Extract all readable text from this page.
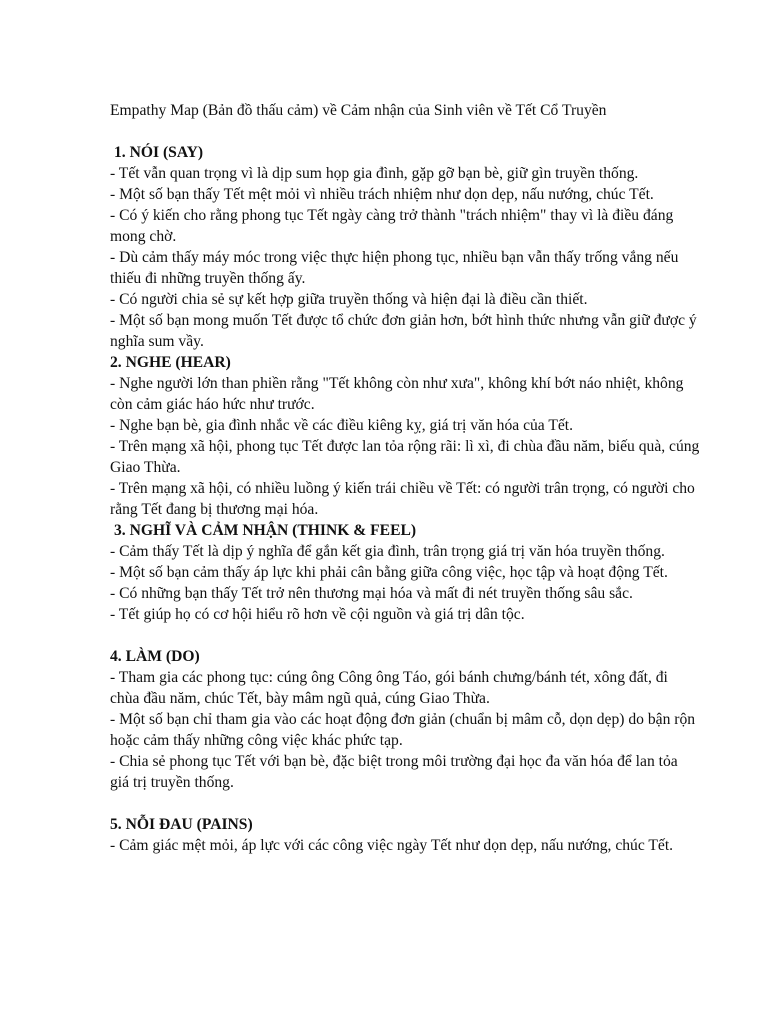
Empathy Map (Bản đồ thấu cảm) về Cảm nhận của Sinh viên về Tết Cổ Truyền

1. NÓI (SAY)

- Tết vẫn quan trọng vì là dịp sum họp gia đình, gặp gỡ bạn bè, giữ gìn truyền thống.

- Một số bạn thấy Tết mệt mỏi vì nhiều trách nhiệm như dọn dẹp, nấu nướng, chúc Tết.

- Có ý kiến cho rằng phong tục Tết ngày càng trở thành "trách nhiệm" thay vì là điều đáng mong chờ.

- Dù cảm thấy máy móc trong việc thực hiện phong tục, nhiều bạn vẫn thấy trống vắng nếu thiếu đi những truyền thống ấy.

- Có người chia sẻ sự kết hợp giữa truyền thống và hiện đại là điều cần thiết.

- Một số bạn mong muốn Tết được tổ chức đơn giản hơn, bớt hình thức nhưng vẫn giữ được ý nghĩa sum vầy.

2. NGHE (HEAR)

- Nghe người lớn than phiền rằng "Tết không còn như xưa", không khí bớt náo nhiệt, không còn cảm giác háo hức như trước.

- Nghe bạn bè, gia đình nhắc về các điều kiêng kỵ, giá trị văn hóa của Tết.

- Trên mạng xã hội, phong tục Tết được lan tỏa rộng rãi: lì xì, đi chùa đầu năm, biếu quà, cúng Giao Thừa.

- Trên mạng xã hội, có nhiều luồng ý kiến trái chiều về Tết: có người trân trọng, có người cho rằng Tết đang bị thương mại hóa.

3. NGHĨ VÀ CẢM NHẬN (THINK & FEEL)

- Cảm thấy Tết là dịp ý nghĩa để gắn kết gia đình, trân trọng giá trị văn hóa truyền thống.

- Một số bạn cảm thấy áp lực khi phải cân bằng giữa công việc, học tập và hoạt động Tết.

- Có những bạn thấy Tết trở nên thương mại hóa và mất đi nét truyền thống sâu sắc.

- Tết giúp họ có cơ hội hiểu rõ hơn về cội nguồn và giá trị dân tộc.

4. LÀM (DO)

- Tham gia các phong tục: cúng ông Công ông Táo, gói bánh chưng/bánh tét, xông đất, đi chùa đầu năm, chúc Tết, bày mâm ngũ quả, cúng Giao Thừa.

- Một số bạn chỉ tham gia vào các hoạt động đơn giản (chuẩn bị mâm cỗ, dọn dẹp) do bận rộn hoặc cảm thấy những công việc khác phức tạp.

- Chia sẻ phong tục Tết với bạn bè, đặc biệt trong môi trường đại học đa văn hóa để lan tỏa giá trị truyền thống.

5. NỖI ĐAU (PAINS)

- Cảm giác mệt mỏi, áp lực với các công việc ngày Tết như dọn dẹp, nấu nướng, chúc Tết.
